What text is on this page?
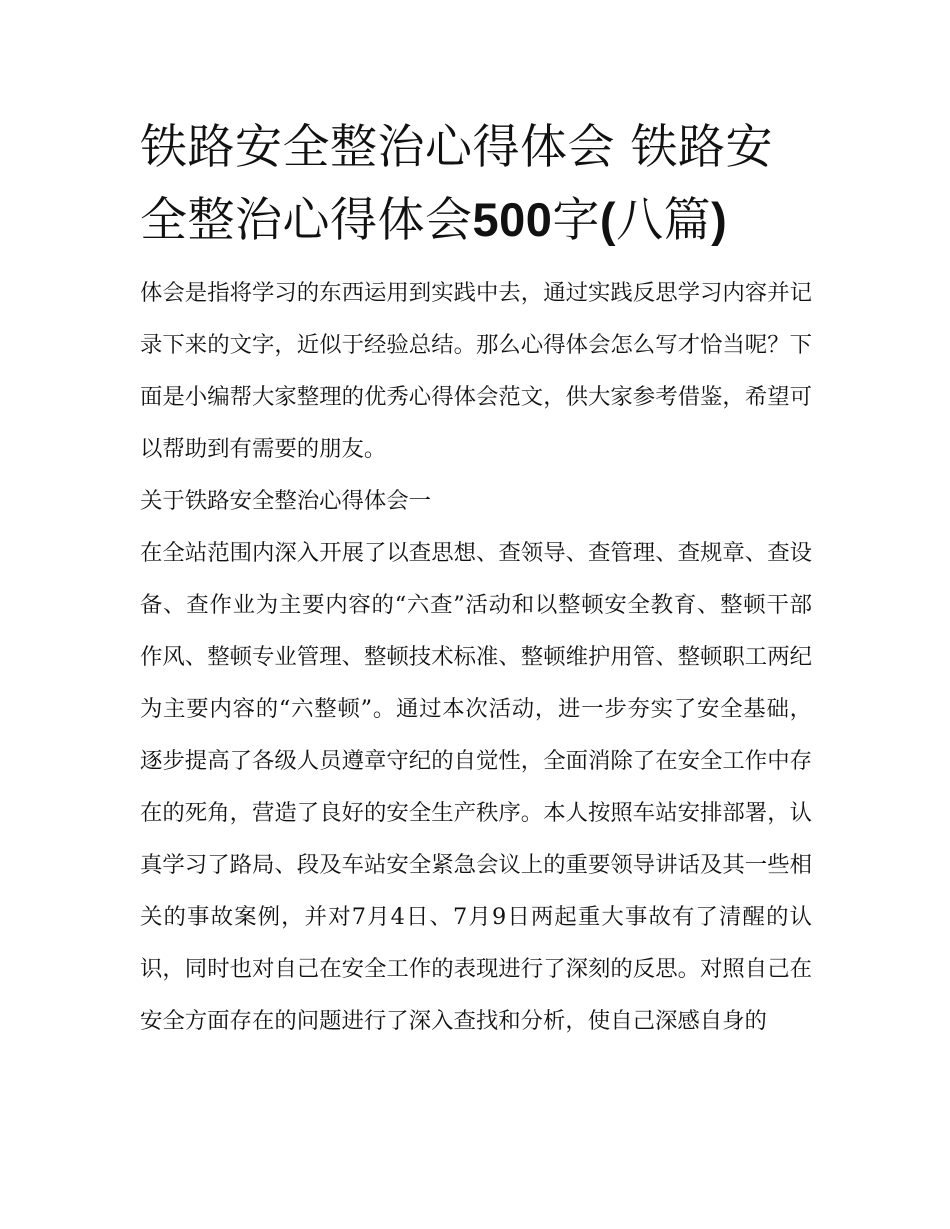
铁路安全整治心得体会 铁路安全整治心得体会500字(八篇)

体会是指将学习的东西运用到实践中去，通过实践反思学习内容并记录下来的文字，近似于经验总结。那么心得体会怎么写才恰当呢？下面是小编帮大家整理的优秀心得体会范文，供大家参考借鉴，希望可以帮助到有需要的朋友。

关于铁路安全整治心得体会一

在全站范围内深入开展了以查思想、查领导、查管理、查规章、查设备、查作业为主要内容的“六查”活动和以整顿安全教育、整顿干部作风、整顿专业管理、整顿技术标准、整顿维护用管、整顿职工两纪为主要内容的“六整顿”。通过本次活动，进一步夯实了安全基础，逐步提高了各级人员遵章守纪的自觉性，全面消除了在安全工作中存在的死角，营造了良好的安全生产秩序。本人按照车站安排部署，认真学习了路局、段及车站安全紧急会议上的重要领导讲话及其一些相关的事故案例，并对7月4日、7月9日两起重大事故有了清醒的认识，同时也对自己在安全工作的表现进行了深刻的反思。对照自己在安全方面存在的问题进行了深入查找和分析，使自己深感自身的
